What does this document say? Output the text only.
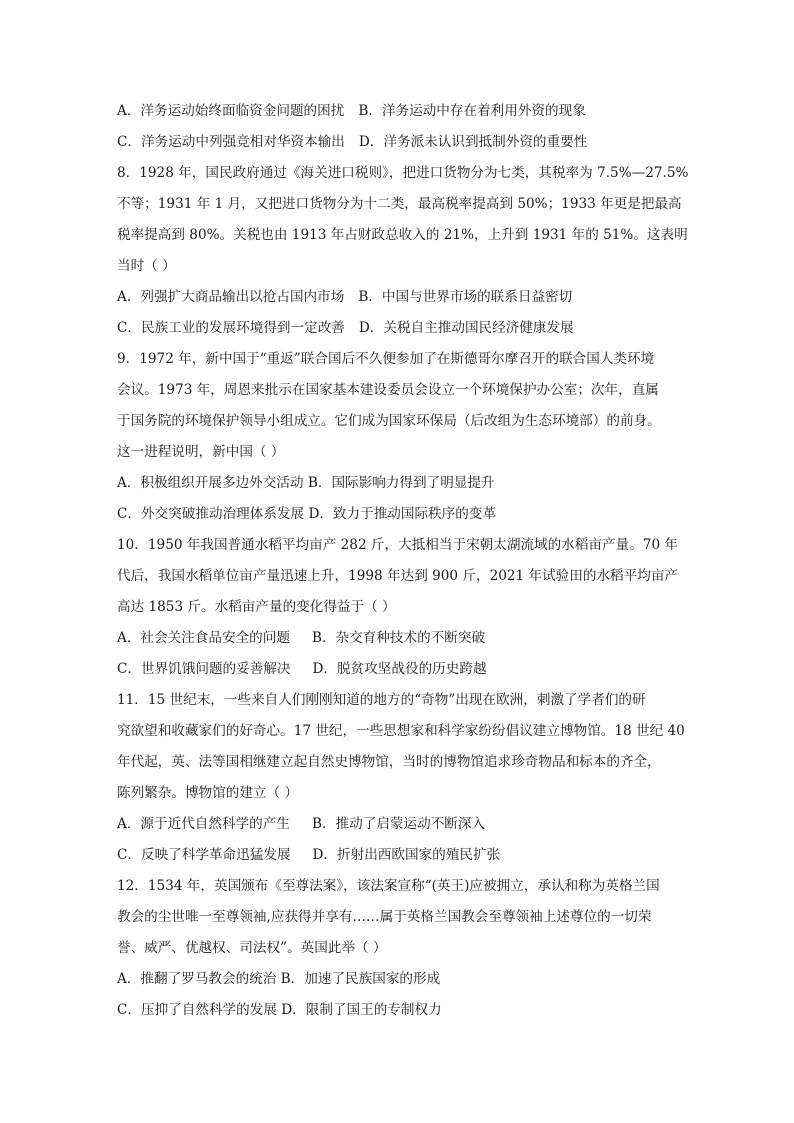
A．洋务运动始终面临资金问题的困扰 B．洋务运动中存在着利用外资的现象
C．洋务运动中列强竞相对华资本输出 D．洋务派未认识到抵制外资的重要性
8．1928 年，国民政府通过《海关进口税则》，把进口货物分为七类，其税率为 7.5%—27.5%
不等；1931 年 1 月，又把进口货物分为十二类，最高税率提高到 50%；1933 年更是把最高
税率提高到 80%。关税也由 1913 年占财政总收入的 21%，上升到 1931 年的 51%。这表明
当时（ ）
A．列强扩大商品输出以抢占国内市场 B．中国与世界市场的联系日益密切
C．民族工业的发展环境得到一定改善 D．关税自主推动国民经济健康发展
9．1972 年，新中国于“重返”联合国后不久便参加了在斯德哥尔摩召开的联合国人类环境
会议。1973 年，周恩来批示在国家基本建设委员会设立一个环境保护办公室；次年，直属
于国务院的环境保护领导小组成立。它们成为国家环保局（后改组为生态环境部）的前身。
这一进程说明，新中国（ ）
A．积极组织开展多边外交活动 B．国际影响力得到了明显提升
C．外交突破推动治理体系发展 D．致力于推动国际秩序的变革
10．1950 年我国普通水稻平均亩产 282 斤，大抵相当于宋朝太湖流域的水稻亩产量。70 年
代后，我国水稻单位亩产量迅速上升，1998 年达到 900 斤，2021 年试验田的水稻平均亩产
高达 1853 斤。水稻亩产量的变化得益于（ ）
A．社会关注食品安全的问题 B．杂交育种技术的不断突破
C．世界饥饿问题的妥善解决 D．脱贫攻坚战役的历史跨越
11．15 世纪末，一些来自人们刚刚知道的地方的“奇物”出现在欧洲，刺激了学者们的研
究欲望和收藏家们的好奇心。17 世纪，一些思想家和科学家纷纷倡议建立博物馆。18 世纪 40
年代起，英、法等国相继建立起自然史博物馆，当时的博物馆追求珍奇物品和标本的齐全，
陈列繁杂。博物馆的建立（ ）
A．源于近代自然科学的产生 B．推动了启蒙运动不断深入
C．反映了科学革命迅猛发展 D．折射出西欧国家的殖民扩张
12．1534 年，英国颁布《至尊法案》，该法案宣称“(英王)应被拥立，承认和称为英格兰国
教会的尘世唯一至尊领袖,应获得并享有……属于英格兰国教会至尊领袖上述尊位的一切荣
誉、威严、优越权、司法权”。英国此举（ ）
A．推翻了罗马教会的统治 B．加速了民族国家的形成
C．压抑了自然科学的发展 D．限制了国王的专制权力
